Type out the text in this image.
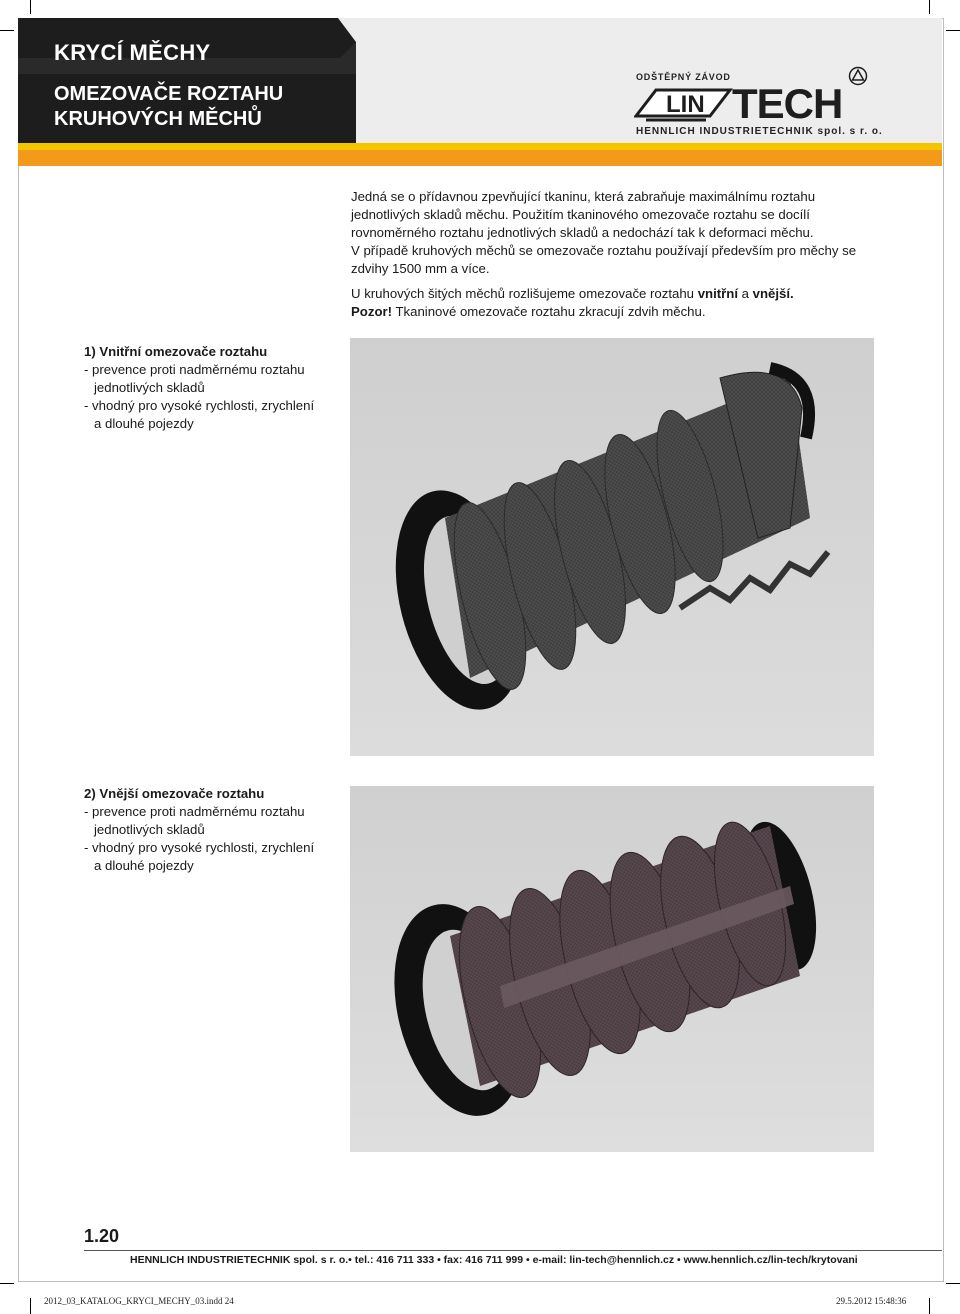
KRYCÍ MĚCHY
OMEZOVAČE ROZTAHU
KRUHOVÝCH MĚCHŮ
ODŠTĚPNÝ ZÁVOD
LIN TECH
HENNLICH INDUSTRIETECHNIK spol. s r. o.

Jedná se o přídavnou zpevňující tkaninu, která zabraňuje maximálnímu roztahu

jednotlivých skladů měchu. Použitím tkaninového omezovače roztahu se docílí

rovnoměrného roztahu jednotlivých skladů a nedochází tak k deformaci měchu.

V případě kruhových měchů se omezovače roztahu používají především pro měchy se

zdvihy 1500 mm a více.

U kruhových šitých měchů rozlišujeme omezovače roztahu vnitřní a vnější.

Pozor! Tkaninové omezovače roztahu zkracují zdvih měchu.

1) Vnitřní omezovače roztahu
- prevence proti nadměrnému roztahu
jednotlivých skladů
- vhodný pro vysoké rychlosti, zrychlení
a dlouhé pojezdy
2) Vnější omezovače roztahu
- prevence proti nadměrnému roztahu
jednotlivých skladů
- vhodný pro vysoké rychlosti, zrychlení
a dlouhé pojezdy
1.20
HENNLICH INDUSTRIETECHNIK spol. s r. o.• tel.: 416 711 333 • fax: 416 711 999 • e-mail: lin-tech@hennlich.cz • www.hennlich.cz/lin-tech/krytovani
2012_03_KATALOG_KRYCI_MECHY_03.indd 24	29.5.2012 15:48:36
